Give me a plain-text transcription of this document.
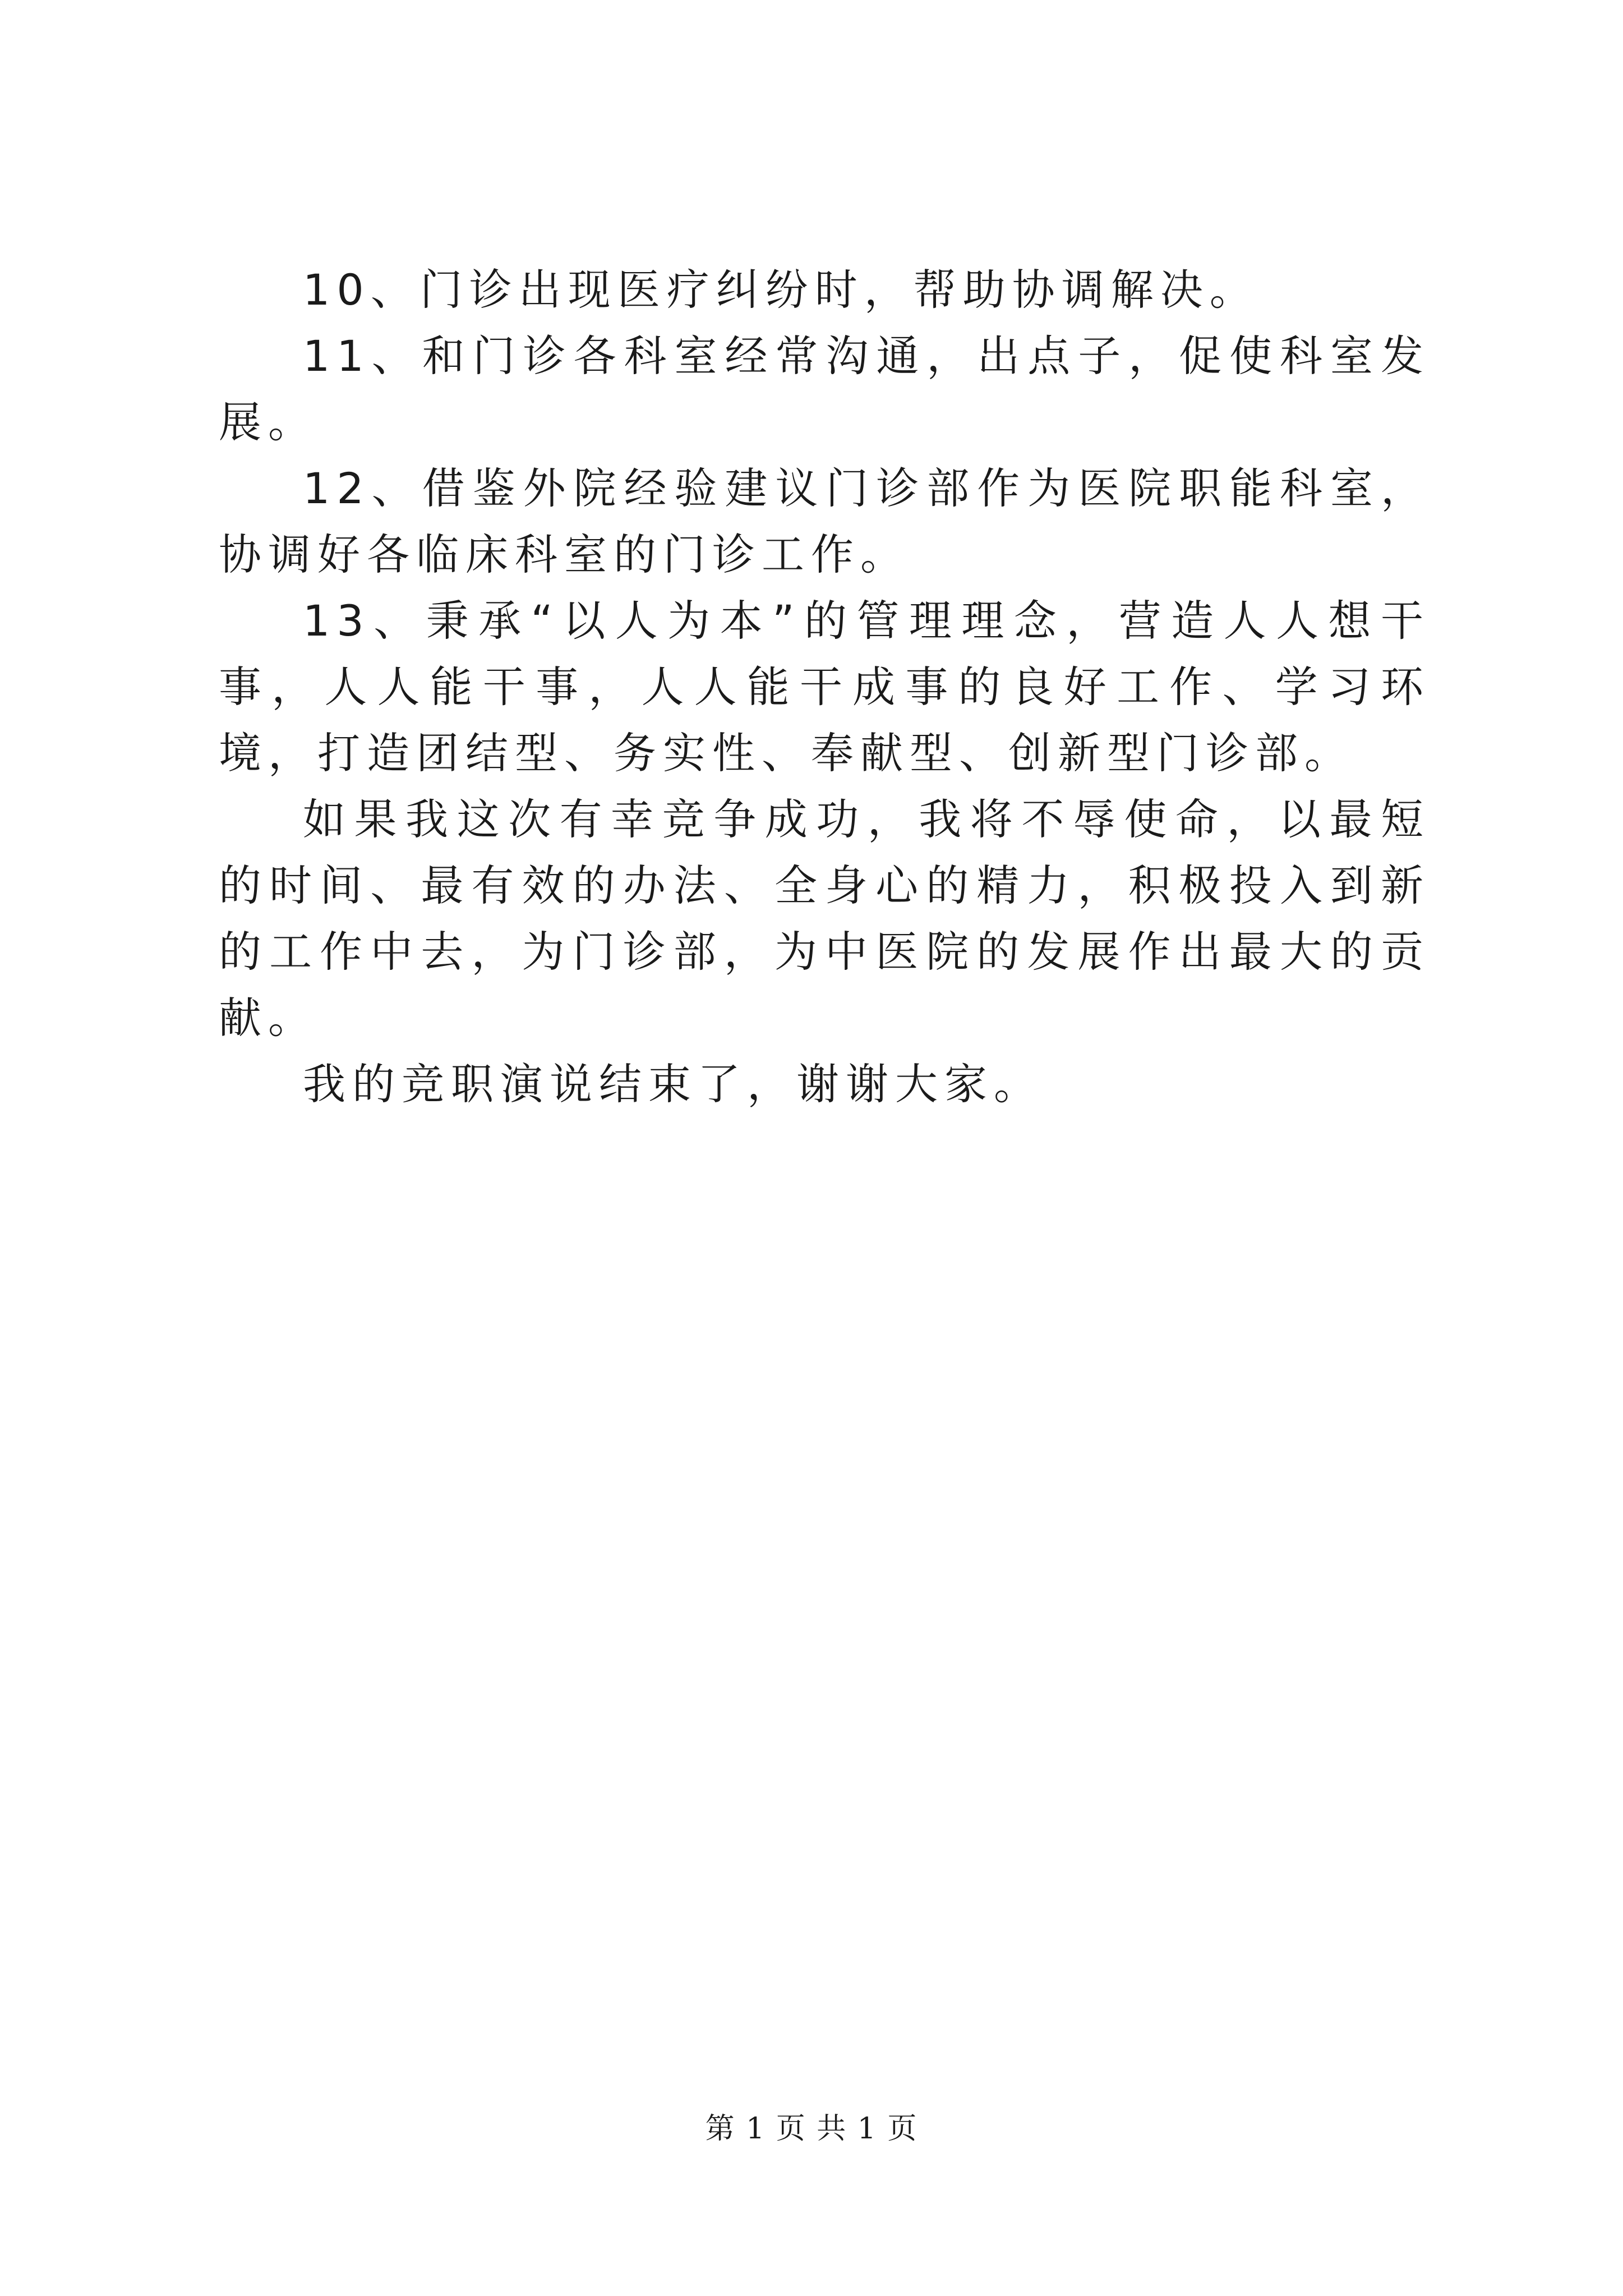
10、门诊出现医疗纠纷时，帮助协调解决。

11、和门诊各科室经常沟通，出点子，促使科室发展。

12、借鉴外院经验建议门诊部作为医院职能科室，协调好各临床科室的门诊工作。

13、秉承“以人为本”的管理理念，营造人人想干事，人人能干事，人人能干成事的良好工作、学习环境，打造团结型、务实性、奉献型、创新型门诊部。

如果我这次有幸竞争成功，我将不辱使命，以最短的时间、最有效的办法、全身心的精力，积极投入到新的工作中去，为门诊部，为中医院的发展作出最大的贡献。

我的竞职演说结束了，谢谢大家。

第 1 页 共 1 页
